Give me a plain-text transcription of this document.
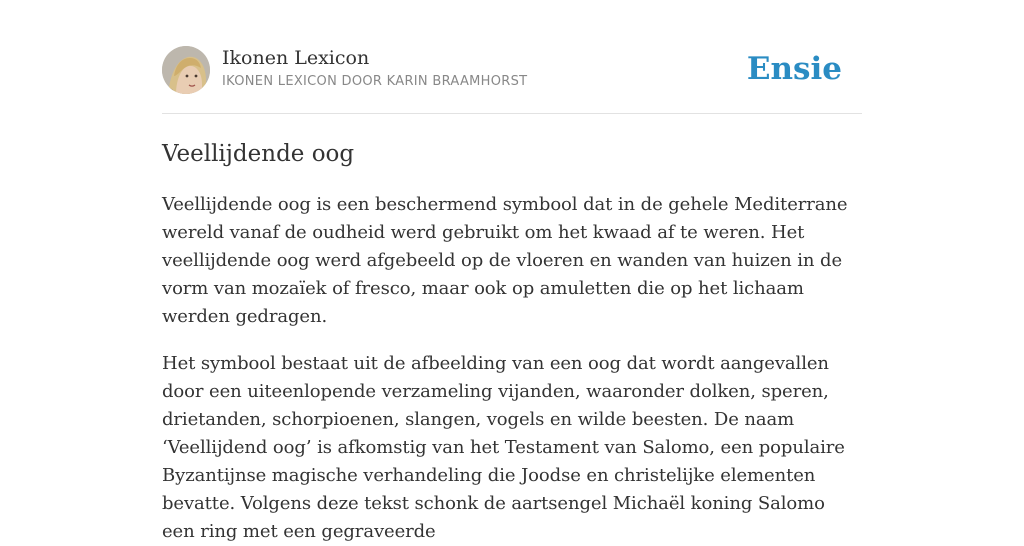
Ikonen Lexicon
IKONEN LEXICON DOOR KARIN BRAAMHORST	Ensie
Veellijdende oog

Veellijdende oog is een beschermend symbool dat in de gehele Mediterrane wereld vanaf de oudheid werd gebruikt om het kwaad af te weren. Het veellijdende oog werd afgebeeld op de vloeren en wanden van huizen in de vorm van mozaïek of fresco, maar ook op amuletten die op het lichaam werden gedragen.

Het symbool bestaat uit de afbeelding van een oog dat wordt aangevallen door een uiteenlopende verzameling vijanden, waaronder dolken, speren, drietanden, schorpioenen, slangen, vogels en wilde beesten. De naam ‘Veellijdend oog’ is afkomstig van het Testament van Salomo, een populaire Byzantijnse magische verhandeling die Joodse en christelijke elementen bevatte. Volgens deze tekst schonk de aartsengel Michaël koning Salomo een ring met een gegraveerde
